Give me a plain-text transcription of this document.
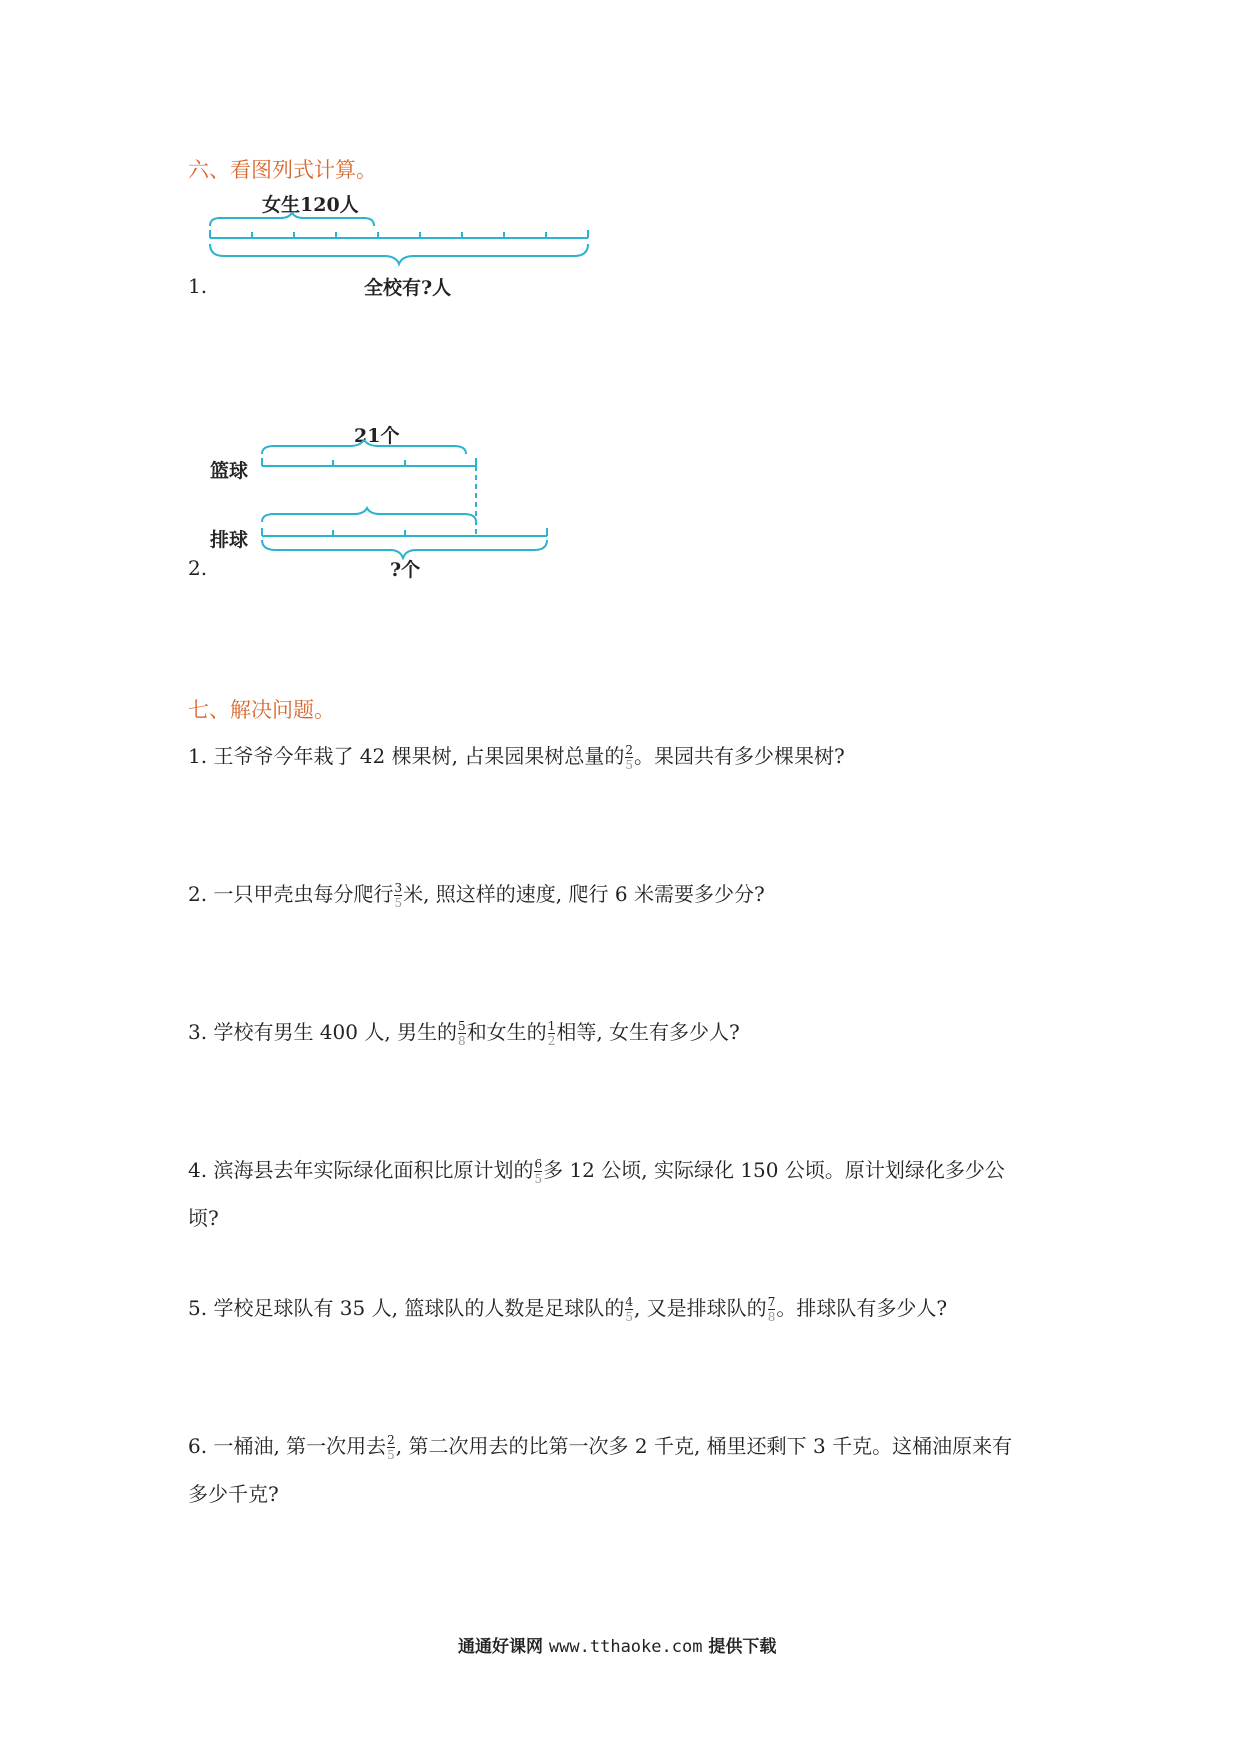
六、看图列式计算。
女生120人
1.	全校有?人
21个
篮球
排球
2.	?个
七、解决问题。
1. 王爷爷今年栽了 42 棵果树, 占果园果树总量的 $\frac{2}{5}$ 。果园共有多少棵果树?
2. 一只甲壳虫每分爬行 $\frac{3}{5}$ 米, 照这样的速度, 爬行 6 米需要多少分?
3. 学校有男生 400 人, 男生的 $\frac{5}{8}$ 和女生的 $\frac{1}{2}$ 相等, 女生有多少人?
4. 滨海县去年实际绿化面积比原计划的 $\frac{6}{5}$ 多 12 公顷, 实际绿化 150 公顷。原计划绿化多少公
顷?
5. 学校足球队有 35 人, 篮球队的人数是足球队的 $\frac{4}{5}$ , 又是排球队的 $\frac{7}{8}$ 。排球队有多少人?
6. 一桶油, 第一次用去 $\frac{2}{5}$ , 第二次用去的比第一次多 2 千克, 桶里还剩下 3 千克。这桶油原来有
多少千克?
通通好课网 www.tthaoke.com 提供下载
